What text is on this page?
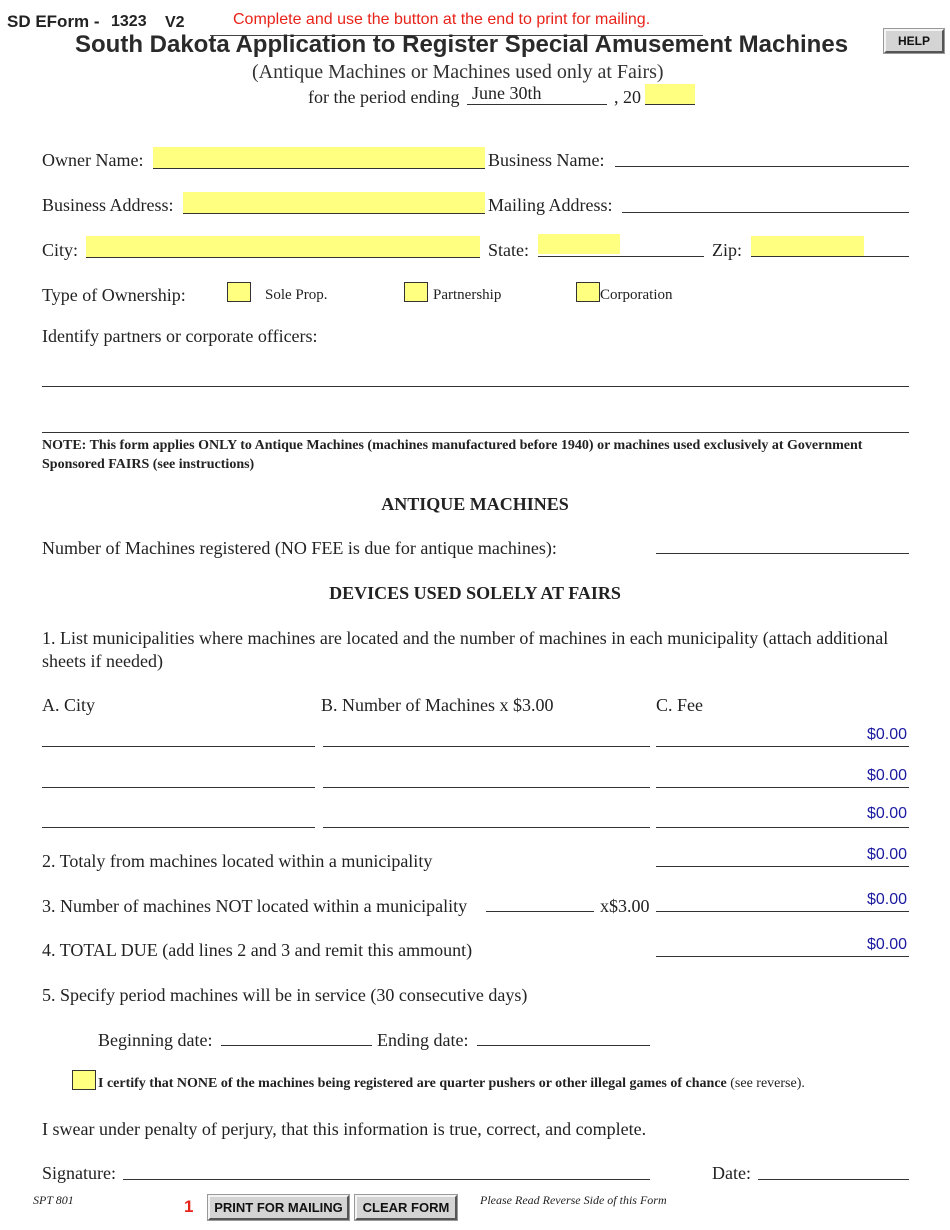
SD EForm - 1323 V2	Complete and use the button at the end to print for mailing.
South Dakota Application to Register Special Amusement Machines	HELP
(Antique Machines or Machines used only at Fairs)
for the period ending June 30th	, 20
Owner Name:	Business Name:
Business Address:	Mailing Address:
City:	State:	Zip:
Type of Ownership:	Sole Prop.	Partnership	Corporation
Identify partners or corporate officers:
NOTE: This form applies ONLY to Antique Machines (machines manufactured before 1940) or machines used exclusively at Government Sponsored FAIRS (see instructions)
ANTIQUE MACHINES
Number of Machines registered (NO FEE is due for antique machines):
DEVICES USED SOLELY AT FAIRS
1. List municipalities where machines are located and the number of machines in each municipality (attach additional sheets if needed)
A. City	B. Number of Machines x $3.00	C. Fee
$0.00
$0.00
$0.00
2. Totaly from machines located within a municipality	$0.00
3. Number of machines NOT located within a municipality	x$3.00	$0.00
4. TOTAL DUE (add lines 2 and 3 and remit this ammount)	$0.00
5. Specify period machines will be in service (30 consecutive days)
Beginning date:	Ending date:
I certify that NONE of the machines being registered are quarter pushers or other illegal games of chance (see reverse).
I swear under penalty of perjury, that this information is true, correct, and complete.
Signature:	Date:
SPT 801	1	PRINT FOR MAILING	CLEAR FORM	Please Read Reverse Side of this Form
